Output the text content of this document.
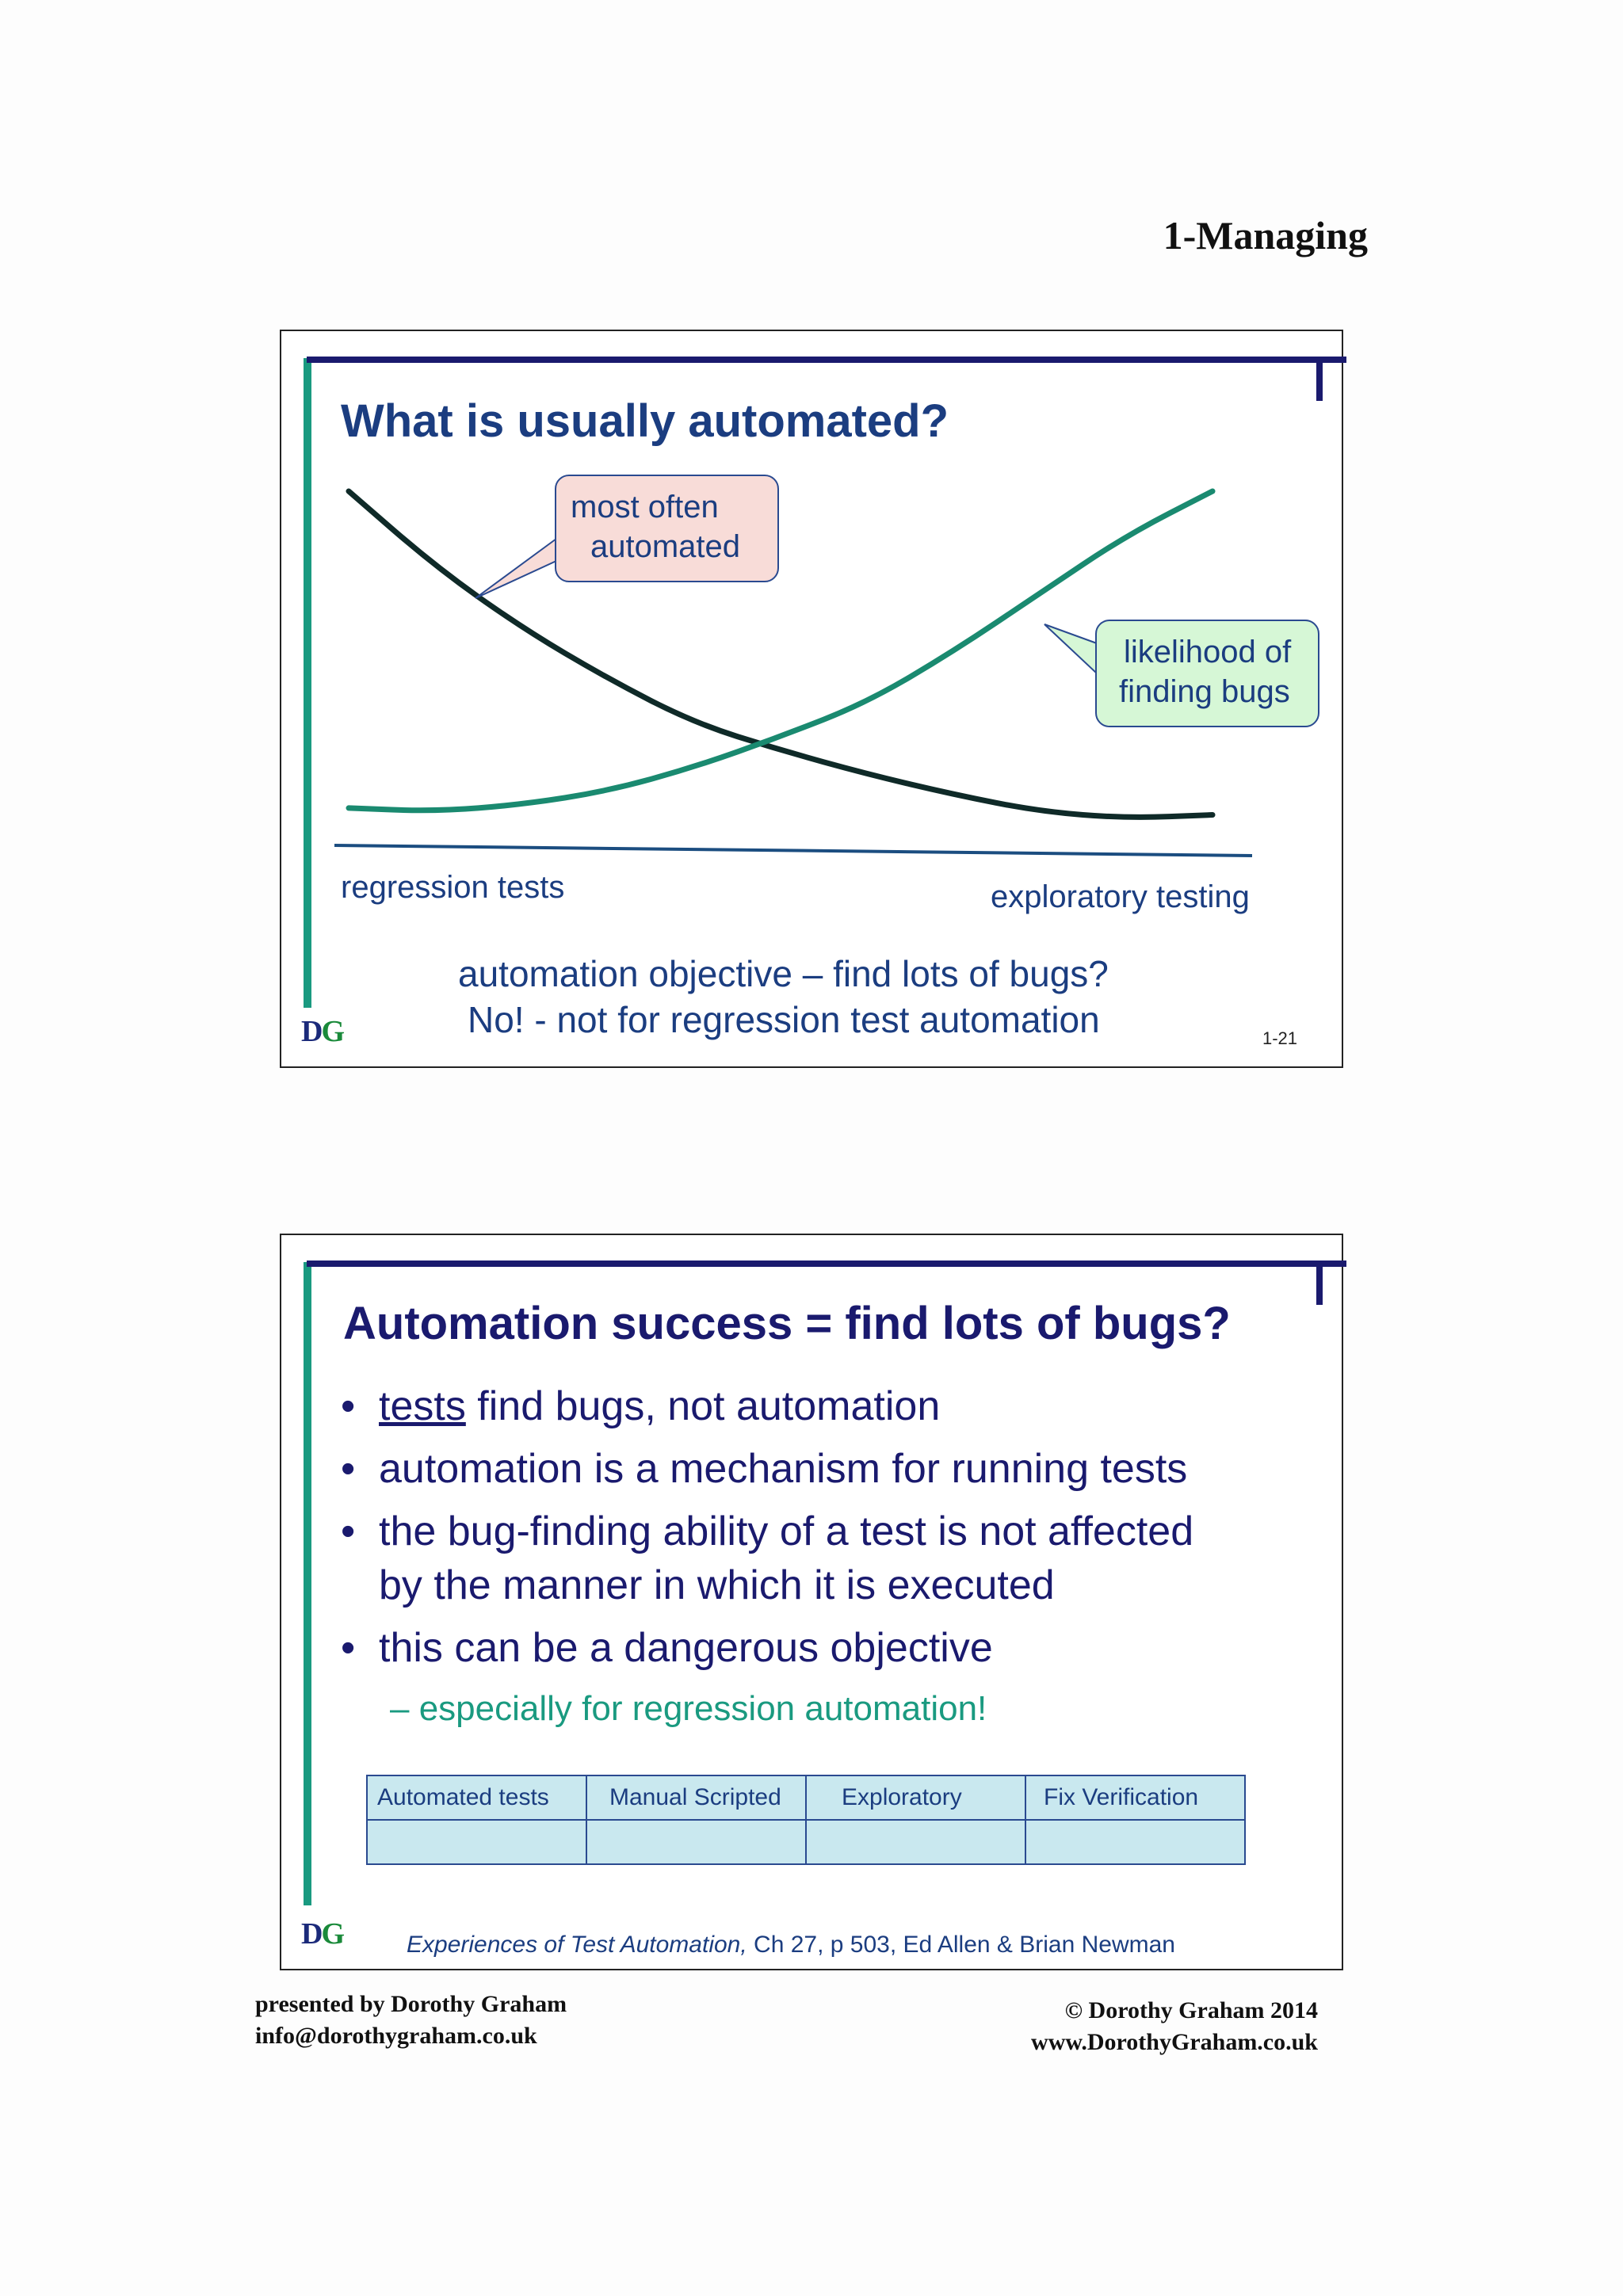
1-Managing
What is usually automated?
DG	1-21
most often
automated
likelihood of
finding bugs
regression tests	exploratory testing
automation objective – find lots of bugs?
No! - not for regression test automation
Automation success = find lots of bugs?
DG
• tests find bugs, not automation
• automation is a mechanism for running tests
• the bug-finding ability of a test is not affected
by the manner in which it is executed
• this can be a dangerous objective
– especially for regression automation!
Automated tests	Manual Scripted	Exploratory	Fix Verification

Experiences of Test Automation, Ch 27, p 503, Ed Allen & Brian Newman
presented by Dorothy Graham
info@dorothygraham.co.uk
© Dorothy Graham 2014
www.DorothyGraham.co.uk
